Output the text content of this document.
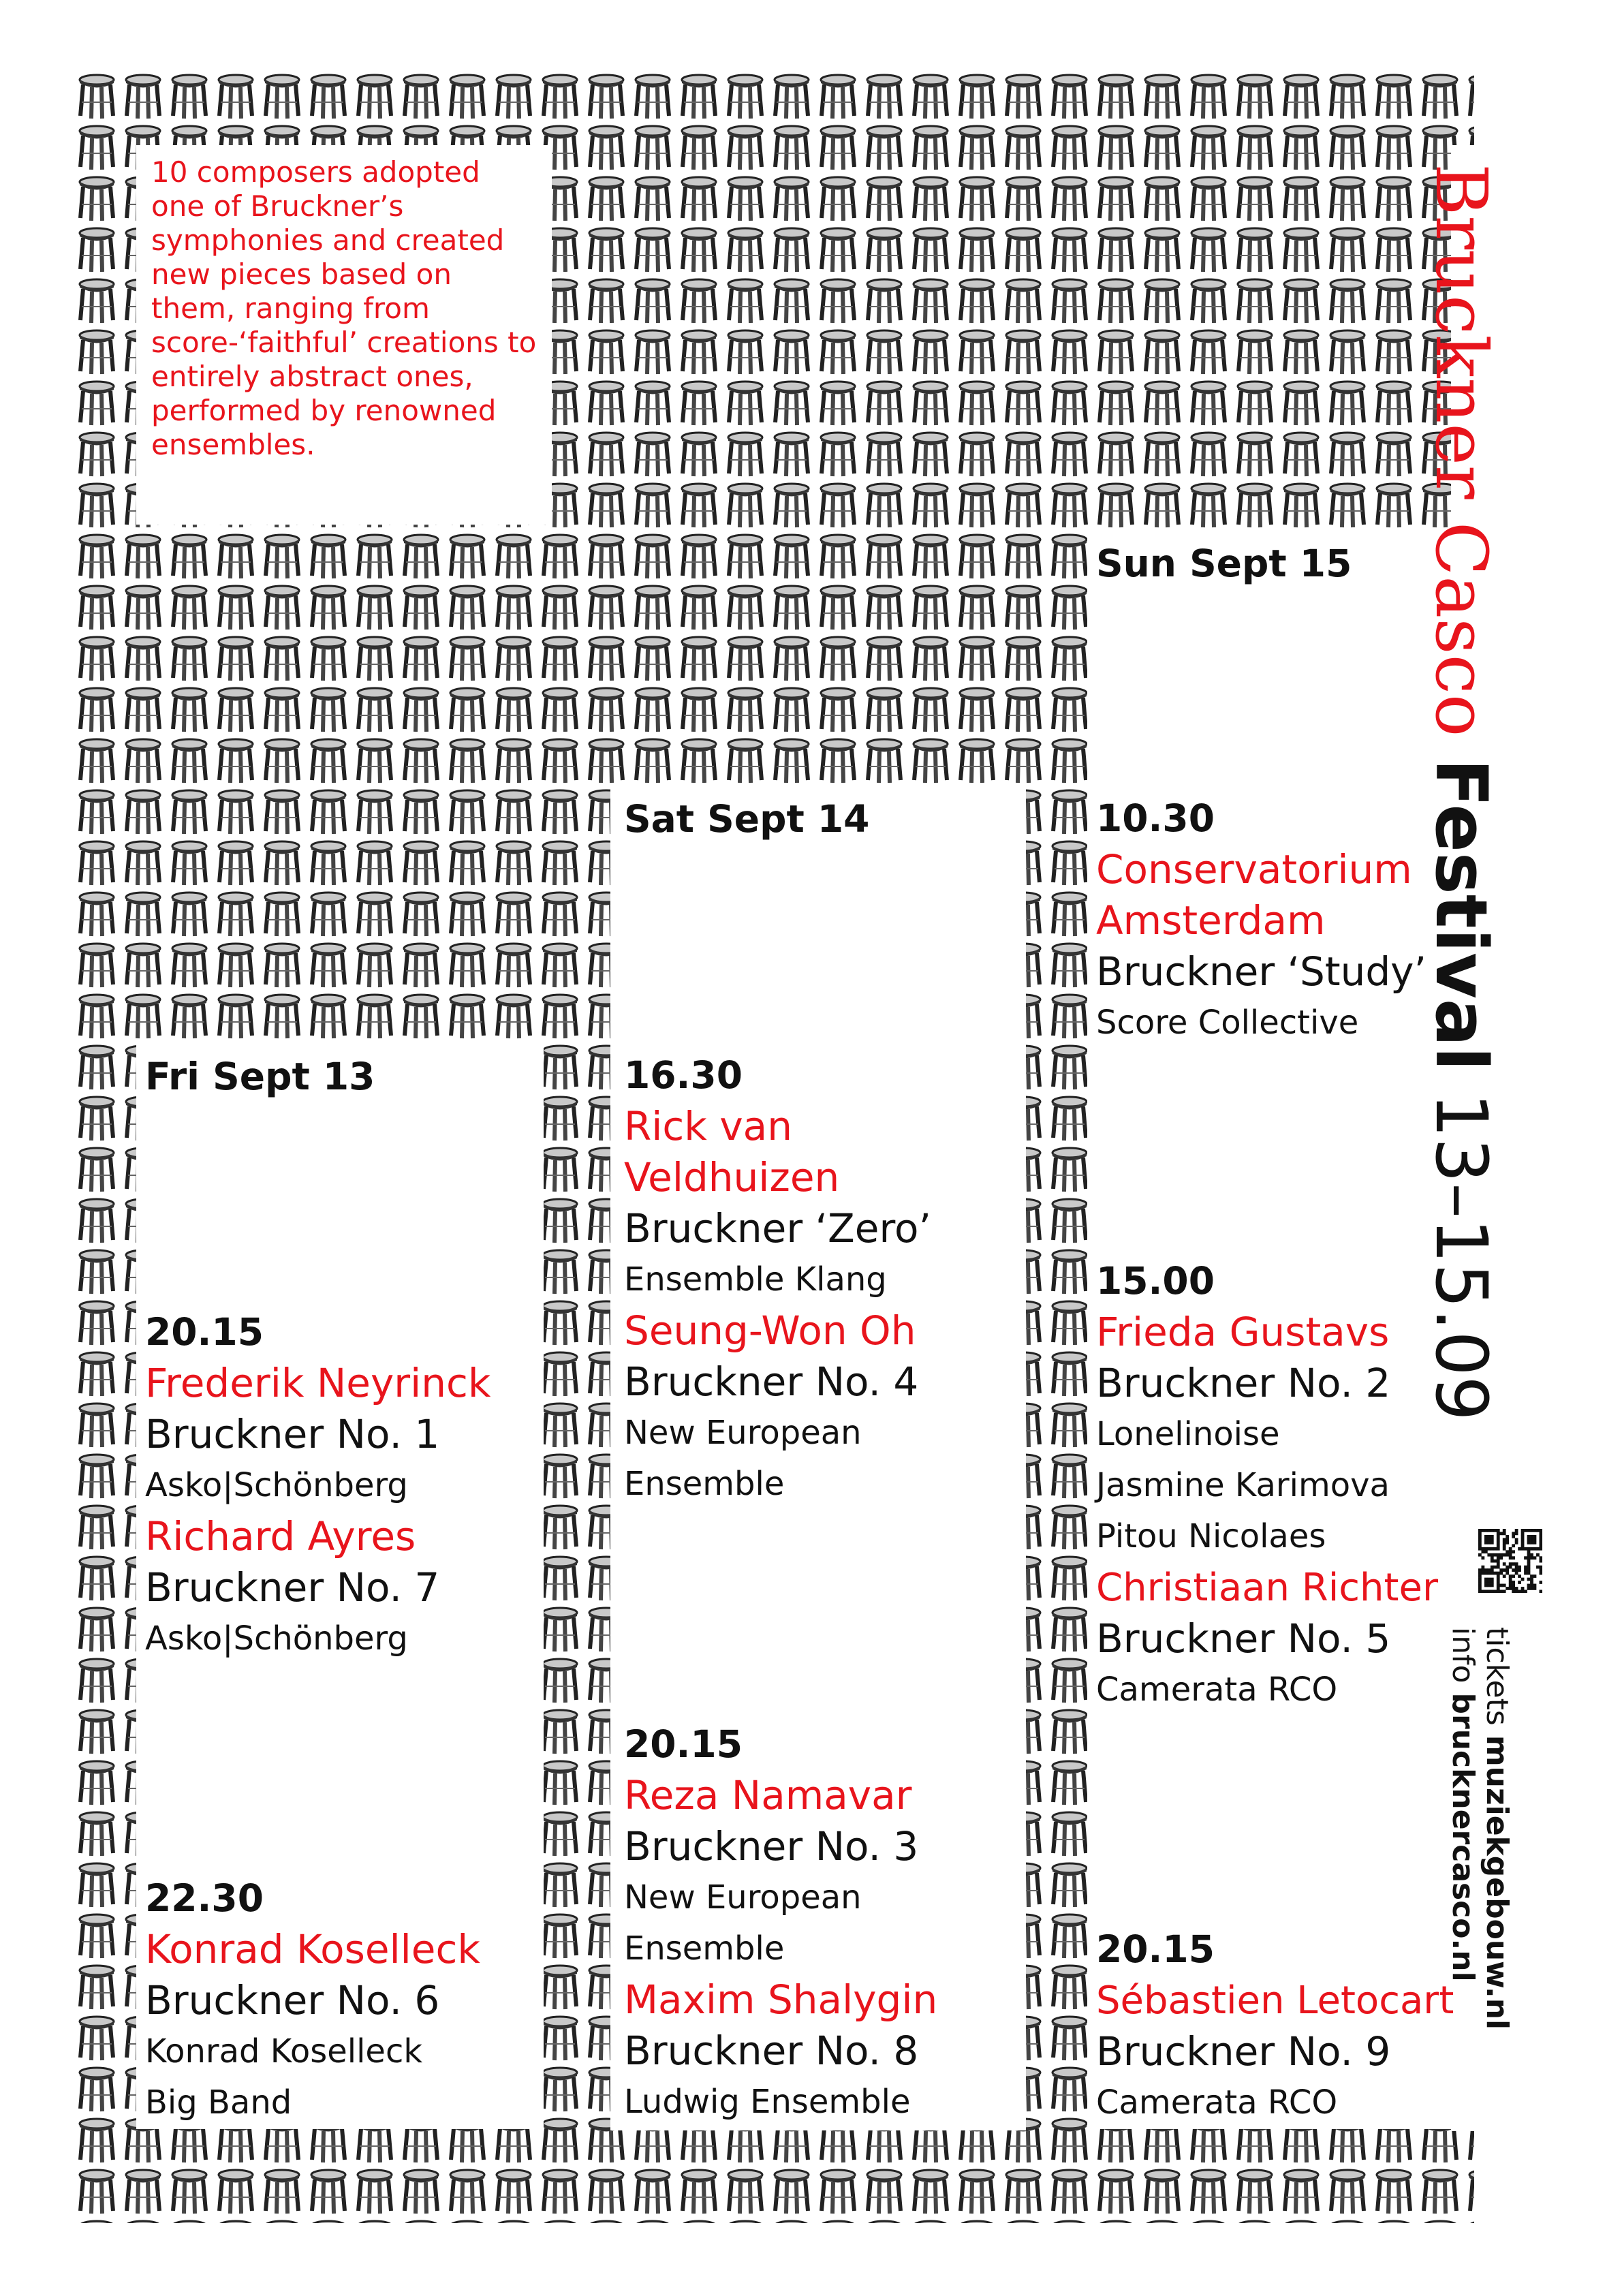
10 composers adopted one of Bruckner’s symphonies and created new pieces based on them, ranging from score-‘faithful’ creations to entirely abstract ones, performed by renowned ensembles.
Fri Sept 13
Sat Sept 14
Sun Sept 15
20.15
Frederik Neyrinck
Bruckner No. 1
Asko|Schönberg
Richard Ayres
Bruckner No. 7
Asko|Schönberg
22.30
Konrad Koselleck
Bruckner No. 6
Konrad Koselleck
Big Band
16.30
Rick van Veldhuizen
Bruckner ‘Zero’
Ensemble Klang
Seung-Won Oh
Bruckner No. 4
New European
Ensemble
20.15
Reza Namavar
Bruckner No. 3
New European
Ensemble
Maxim Shalygin
Bruckner No. 8
Ludwig Ensemble
10.30
Conservatorium Amsterdam
Bruckner ‘Study’
Score Collective
15.00
Frieda Gustavs
Bruckner No. 2
Lonelinoise
Jasmine Karimova
Pitou Nicolaes
Christiaan Richter
Bruckner No. 5
Camerata RCO
20.15
Sébastien Letocart
Bruckner No. 9
Camerata RCO
Bruckner Casco
Festival
13–15.09
tickets muziekgebouw.nl
info brucknercasco.nl
